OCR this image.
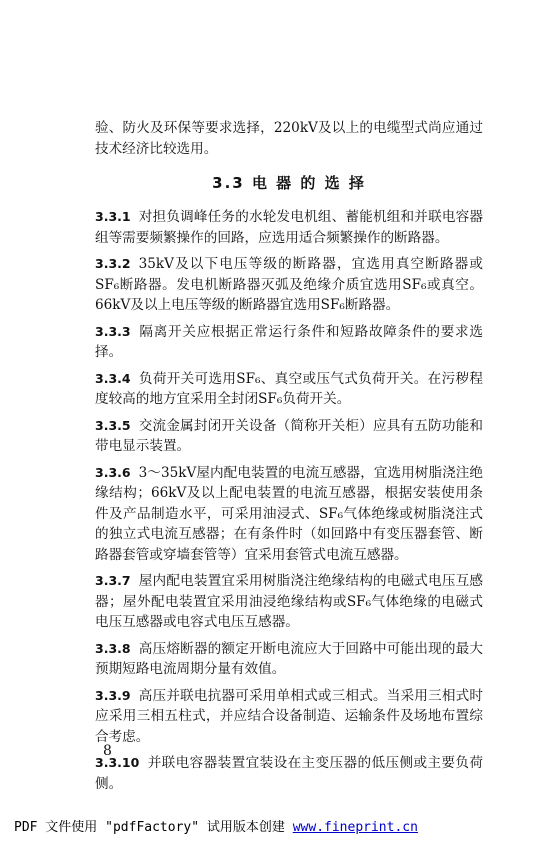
验、防火及环保等要求选择，220kV及以上的电缆型式尚应通过技术经济比较选用。

3.3 电 器 的 选 择

3.3.1 对担负调峰任务的水轮发电机组、蓄能机组和并联电容器组等需要频繁操作的回路，应选用适合频繁操作的断路器。

3.3.2 35kV及以下电压等级的断路器，宜选用真空断路器或SF₆断路器。发电机断路器灭弧及绝缘介质宜选用SF₆或真空。66kV及以上电压等级的断路器宜选用SF₆断路器。

3.3.3 隔离开关应根据正常运行条件和短路故障条件的要求选择。

3.3.4 负荷开关可选用SF₆、真空或压气式负荷开关。在污秽程度较高的地方宜采用全封闭SF₆负荷开关。

3.3.5 交流金属封闭开关设备（简称开关柜）应具有五防功能和带电显示装置。

3.3.6 3～35kV屋内配电装置的电流互感器，宜选用树脂浇注绝缘结构；66kV及以上配电装置的电流互感器，根据安装使用条件及产品制造水平，可采用油浸式、SF₆气体绝缘或树脂浇注式的独立式电流互感器；在有条件时（如回路中有变压器套管、断路器套管或穿墙套管等）宜采用套管式电流互感器。

3.3.7 屋内配电装置宜采用树脂浇注绝缘结构的电磁式电压互感器；屋外配电装置宜采用油浸绝缘结构或SF₆气体绝缘的电磁式电压互感器或电容式电压互感器。

3.3.8 高压熔断器的额定开断电流应大于回路中可能出现的最大预期短路电流周期分量有效值。

3.3.9 高压并联电抗器可采用单相式或三相式。当采用三相式时应采用三相五柱式，并应结合设备制造、运输条件及场地布置综合考虑。

3.3.10 并联电容器装置宜装设在主变压器的低压侧或主要负荷侧。

8
PDF 文件使用 "pdfFactory" 试用版本创建 www.fineprint.cn
